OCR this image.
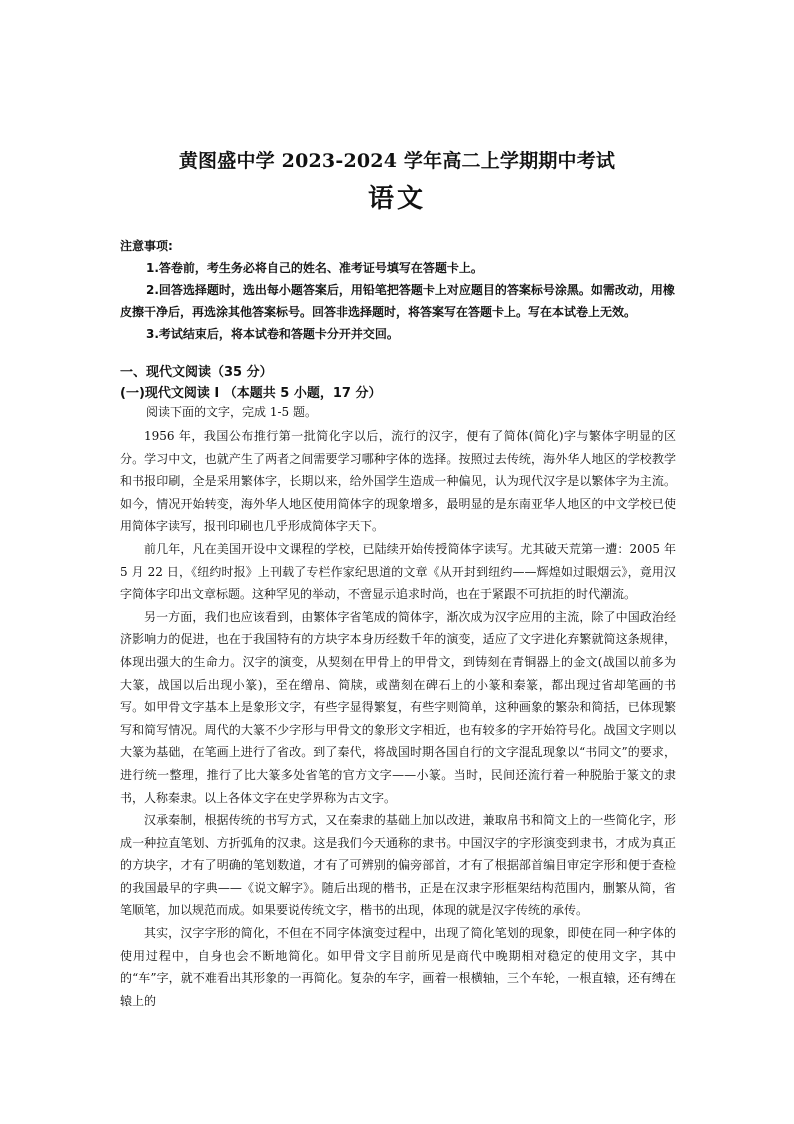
黄图盛中学 2023-2024 学年高二上学期期中考试
语文
注意事项:

1.答卷前，考生务必将自己的姓名、准考证号填写在答题卡上。

2.回答选择题时，选出每小题答案后，用铅笔把答题卡上对应题目的答案标号涂黑。如需改动，用橡皮擦干净后，再选涂其他答案标号。回答非选择题时，将答案写在答题卡上。写在本试卷上无效。

3.考试结束后，将本试卷和答题卡分开并交回。

一、现代文阅读（35 分）
(一)现代文阅读 Ⅰ （本题共 5 小题，17 分）
阅读下面的文字，完成 1-5 题。

1956 年，我国公布推行第一批简化字以后，流行的汉字，便有了简体(简化)字与繁体字明显的区分。学习中文，也就产生了两者之间需要学习哪种字体的选择。按照过去传统，海外华人地区的学校教学和书报印刷，全是采用繁体字，长期以来，给外国学生造成一种偏见，认为现代汉字是以繁体字为主流。如今，情况开始转变，海外华人地区使用简体字的现象增多，最明显的是东南亚华人地区的中文学校已使用简体字读写，报刊印刷也几乎形成简体字天下。

前几年，凡在美国开设中文课程的学校，已陆续开始传授简体字读写。尤其破天荒第一遭：2005 年 5 月 22 日，《纽约时报》上刊载了专栏作家纪思道的文章《从开封到纽约——辉煌如过眼烟云》，竟用汉字简体字印出文章标题。这种罕见的举动，不啻显示追求时尚，也在于紧跟不可抗拒的时代潮流。

另一方面，我们也应该看到，由繁体字省笔成的简体字，渐次成为汉字应用的主流，除了中国政治经济影响力的促进，也在于我国特有的方块字本身历经数千年的演变，适应了文字进化弃繁就简这条规律，体现出强大的生命力。汉字的演变，从契刻在甲骨上的甲骨文，到铸刻在青铜器上的金文(战国以前多为大篆，战国以后出现小篆)，至在缯帛、简牍，或凿刻在碑石上的小篆和秦篆，都出现过省却笔画的书写。如甲骨文字基本上是象形文字，有些字显得繁复，有些字则简单，这种画象的繁杂和简括，已体现繁写和简写情况。周代的大篆不少字形与甲骨文的象形文字相近，也有较多的字开始符号化。战国文字则以大篆为基础，在笔画上进行了省改。到了秦代，将战国时期各国自行的文字混乱现象以“书同文”的要求，进行统一整理，推行了比大篆多处省笔的官方文字——小篆。当时，民间还流行着一种脱胎于篆文的隶书，人称秦隶。以上各体文字在史学界称为古文字。

汉承秦制，根据传统的书写方式，又在秦隶的基础上加以改进，兼取帛书和简文上的一些简化字，形成一种拉直笔划、方折弧角的汉隶。这是我们今天通称的隶书。中国汉字的字形演变到隶书，才成为真正的方块字，才有了明确的笔划数道，才有了可辨别的偏旁部首，才有了根据部首编目审定字形和便于查检的我国最早的字典——《说文解字》。随后出现的楷书，正是在汉隶字形框架结构范围内，删繁从简，省笔顺笔，加以规范而成。如果要说传统文字，楷书的出现，体现的就是汉字传统的承传。

其实，汉字字形的简化，不但在不同字体演变过程中，出现了简化笔划的现象，即使在同一种字体的使用过程中，自身也会不断地简化。如甲骨文字目前所见是商代中晚期相对稳定的使用文字，其中的“车”字，就不难看出其形象的一再简化。复杂的车字，画着一根横轴，三个车轮，一根直辕，还有缚在辕上的
